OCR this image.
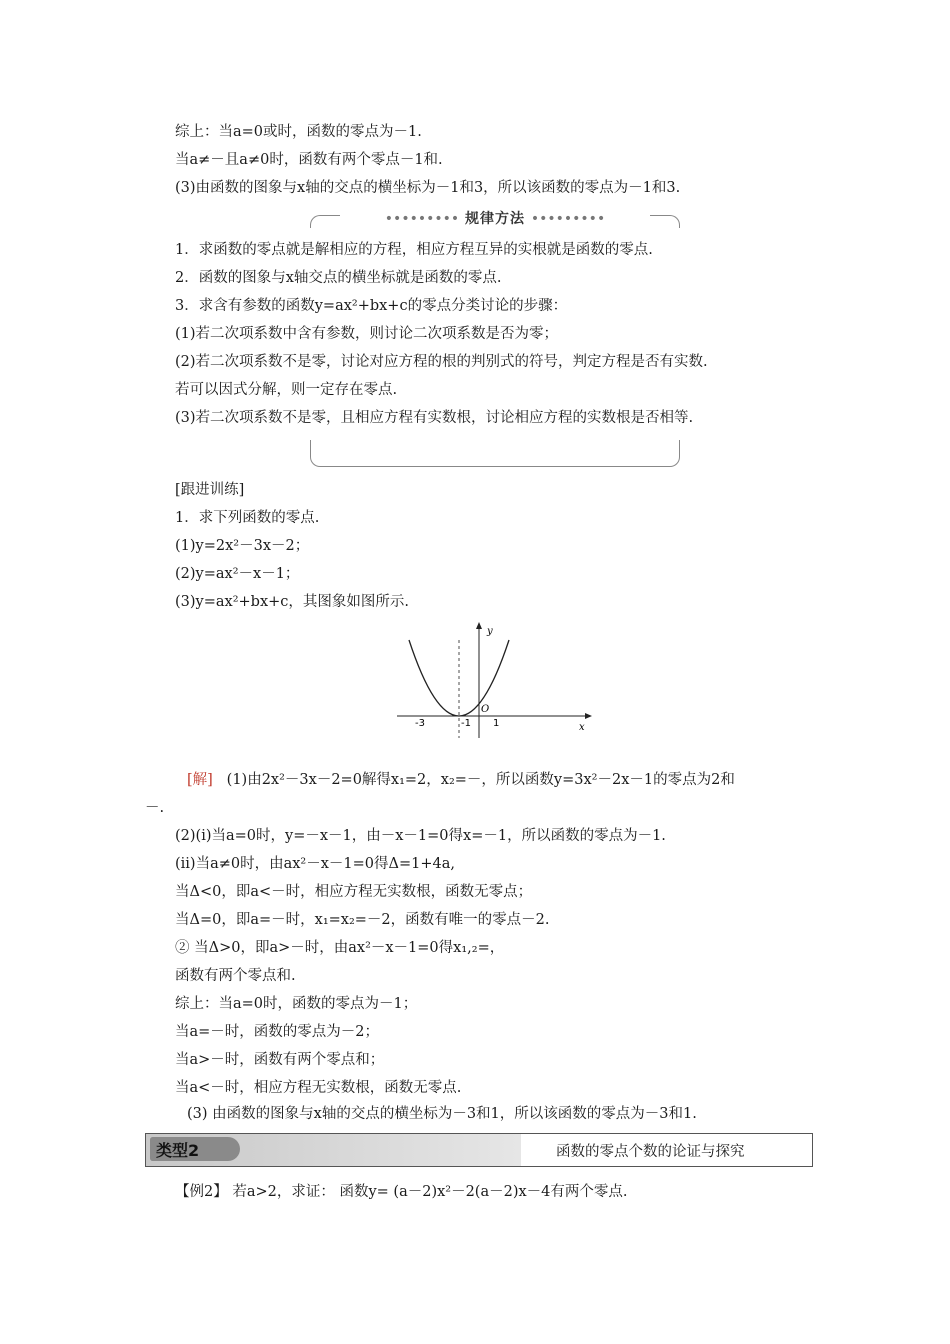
综上：当a=0或时，函数的零点为－1.
当a≠－且a≠0时，函数有两个零点－1和.
(3)由函数的图象与x轴的交点的横坐标为－1和3，所以该函数的零点为－1和3.
••••••••• 规律方法 •••••••••
1．求函数的零点就是解相应的方程，相应方程互异的实根就是函数的零点.
2．函数的图象与x轴交点的横坐标就是函数的零点.
3．求含有参数的函数y=ax²+bx+c的零点分类讨论的步骤：
(1)若二次项系数中含有参数，则讨论二次项系数是否为零；
(2)若二次项系数不是零，讨论对应方程的根的判别式的符号，判定方程是否有实数.
若可以因式分解，则一定存在零点.
(3)若二次项系数不是零，且相应方程有实数根，讨论相应方程的实数根是否相等.
[跟进训练]
1．求下列函数的零点.
(1)y=2x²－3x－2；
(2)y=ax²－x－1；
(3)y=ax²+bx+c，其图象如图所示.
y
x
O
-3	-1 1
[解] (1)由2x²－3x－2=0解得x₁=2，x₂=－，所以函数y=3x²－2x－1的零点为2和
－.
(2)(ⅰ)当a=0时，y=－x－1，由－x－1=0得x=－1，所以函数的零点为－1.
(ⅱ)当a≠0时，由ax²－x－1=0得Δ=1+4a,
当Δ<0，即a<－时，相应方程无实数根，函数无零点；
当Δ=0，即a=－时，x₁=x₂=－2，函数有唯一的零点－2.
② 当Δ>0，即a>－时，由ax²－x－1=0得x₁,₂=，
函数有两个零点和.
综上：当a=0时，函数的零点为－1；
当a=－时，函数的零点为－2；
当a>－时，函数有两个零点和；
当a<－时，相应方程无实数根，函数无零点.
(3) 由函数的图象与x轴的交点的横坐标为－3和1，所以该函数的零点为－3和1.
类型2	函数的零点个数的论证与探究
【例2】 若a>2，求证： 函数y= (a－2)x²－2(a－2)x－4有两个零点.
